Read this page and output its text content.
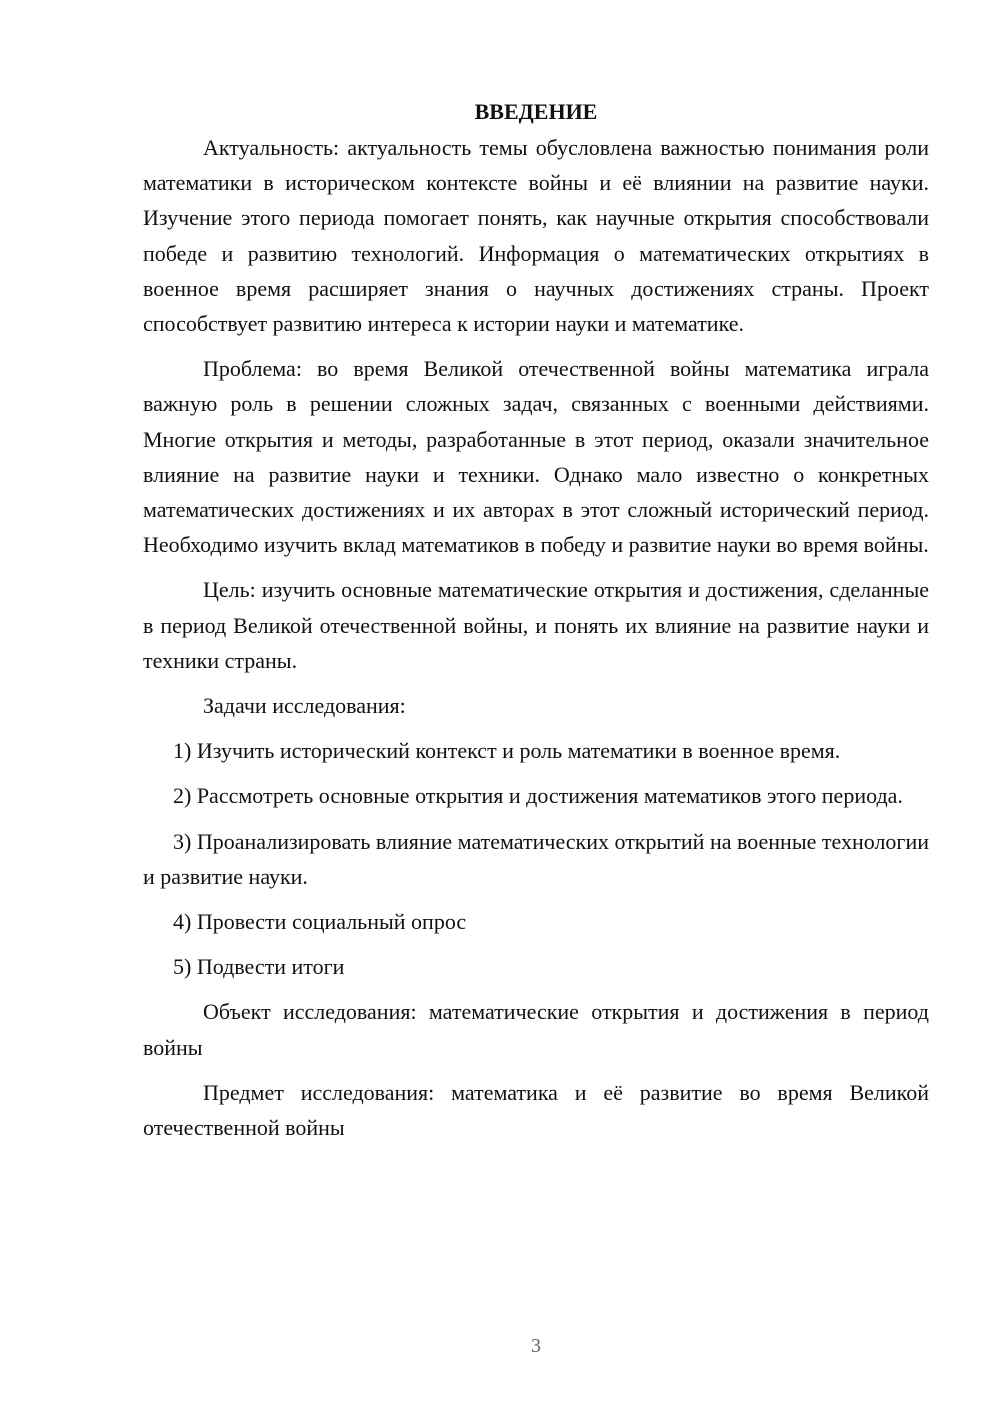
ВВЕДЕНИЕ

Актуальность: актуальность темы обусловлена важностью понимания роли математики в историческом контексте войны и её влиянии на развитие науки. Изучение этого периода помогает понять, как научные открытия способствовали победе и развитию технологий. Информация о математических открытиях в военное время расширяет знания о научных достижениях страны. Проект способствует развитию интереса к истории науки и математике.

Проблема: во время Великой отечественной войны математика играла важную роль в решении сложных задач, связанных с военными действиями. Многие открытия и методы, разработанные в этот период, оказали значительное влияние на развитие науки и техники. Однако мало известно о конкретных математических достижениях и их авторах в этот сложный исторический период. Необходимо изучить вклад математиков в победу и развитие науки во время войны.

Цель: изучить основные математические открытия и достижения, сделанные в период Великой отечественной войны, и понять их влияние на развитие науки и техники страны.

Задачи исследования:

1) Изучить исторический контекст и роль математики в военное время.

2) Рассмотреть основные открытия и достижения математиков этого периода.

3) Проанализировать влияние математических открытий на военные технологии и развитие науки.

4) Провести социальный опрос

5) Подвести итоги

Объект исследования: математические открытия и достижения в период войны

Предмет исследования: математика и её развитие во время Великой отечественной войны

3
